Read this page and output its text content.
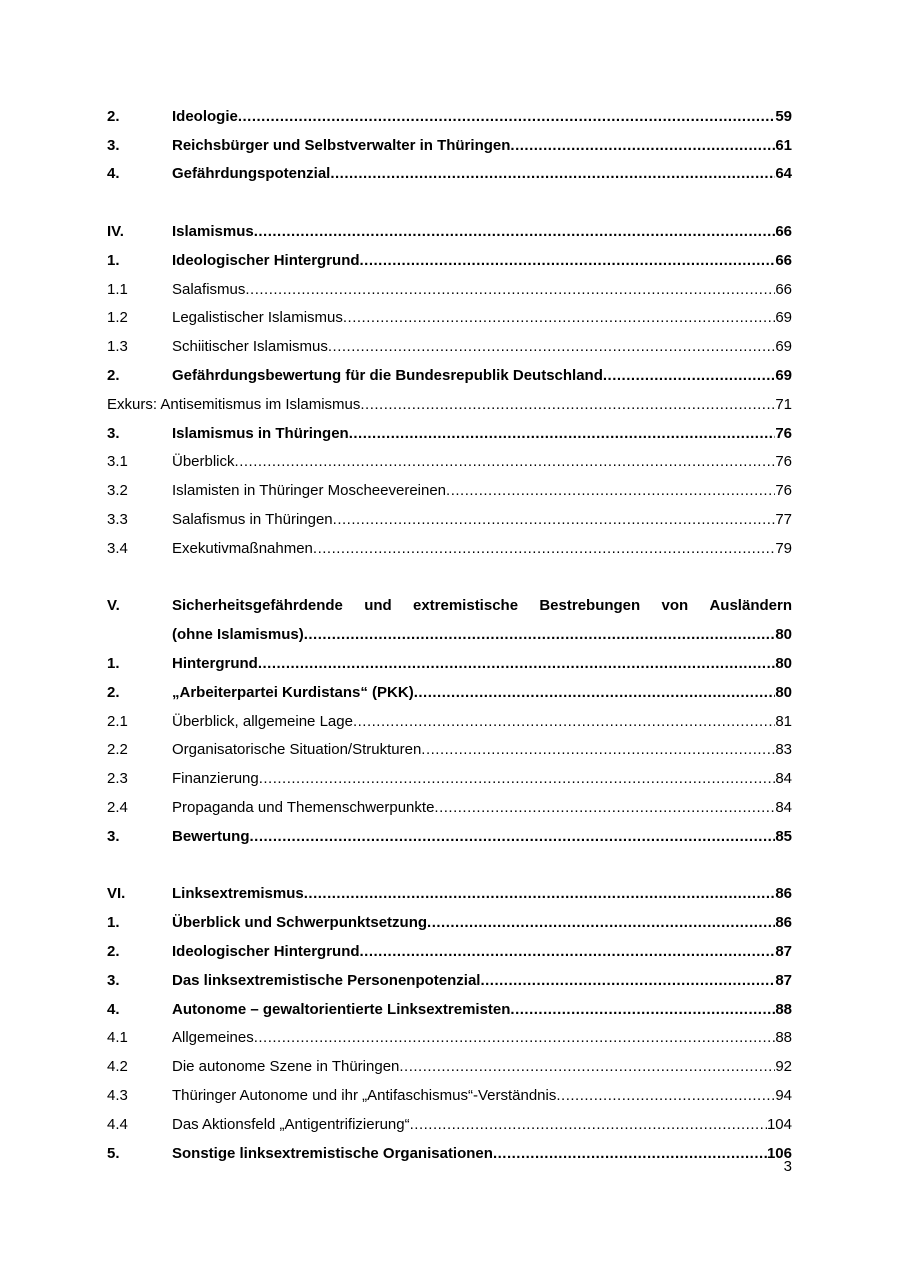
2.	Ideologie .....	59
3.	Reichsbürger und Selbstverwalter in Thüringen .....	61
4.	Gefährdungspotenzial .....	64
IV.	Islamismus .....	66
1.	Ideologischer Hintergrund .....	66
1.1	Salafismus .....	66
1.2	Legalistischer Islamismus .....	69
1.3	Schiitischer Islamismus .....	69
2.	Gefährdungsbewertung für die Bundesrepublik Deutschland .....	69
Exkurs: Antisemitismus im Islamismus .....	71
3.	Islamismus in Thüringen .....	76
3.1	Überblick .....	76
3.2	Islamisten in Thüringer Moscheevereinen .....	76
3.3	Salafismus in Thüringen .....	77
3.4	Exekutivmaßnahmen .....	79
V.	Sicherheitsgefährdende und extremistische Bestrebungen von Ausländern
(ohne Islamismus) .....	80
1.	Hintergrund .....	80
2.	„Arbeiterpartei Kurdistans“ (PKK) .....	80
2.1	Überblick, allgemeine Lage .....	81
2.2	Organisatorische Situation/Strukturen .....	83
2.3	Finanzierung .....	84
2.4	Propaganda und Themenschwerpunkte .....	84
3.	Bewertung .....	85
VI.	Linksextremismus .....	86
1.	Überblick und Schwerpunktsetzung .....	86
2.	Ideologischer Hintergrund .....	87
3.	Das linksextremistische Personenpotenzial .....	87
4.	Autonome – gewaltorientierte Linksextremisten .....	88
4.1	Allgemeines .....	88
4.2	Die autonome Szene in Thüringen .....	92
4.3	Thüringer Autonome und ihr „Antifaschismus“-Verständnis .....	94
4.4	Das Aktionsfeld „Antigentrifizierung“ .....	104
5.	Sonstige linksextremistische Organisationen .....	106
3
